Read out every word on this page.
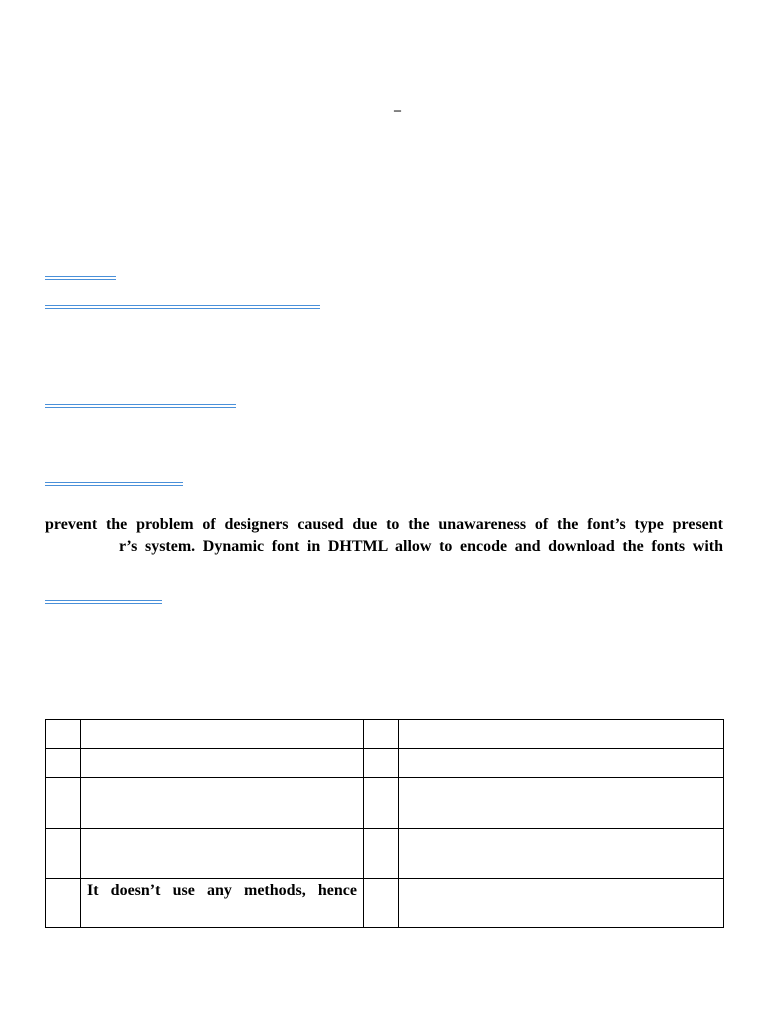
–
prevent the problem of designers caused due to the unawareness of the font’s type present
r’s system. Dynamic font in DHTML allow to encode and download the fonts with

	It doesn’t use any methods, hence		
